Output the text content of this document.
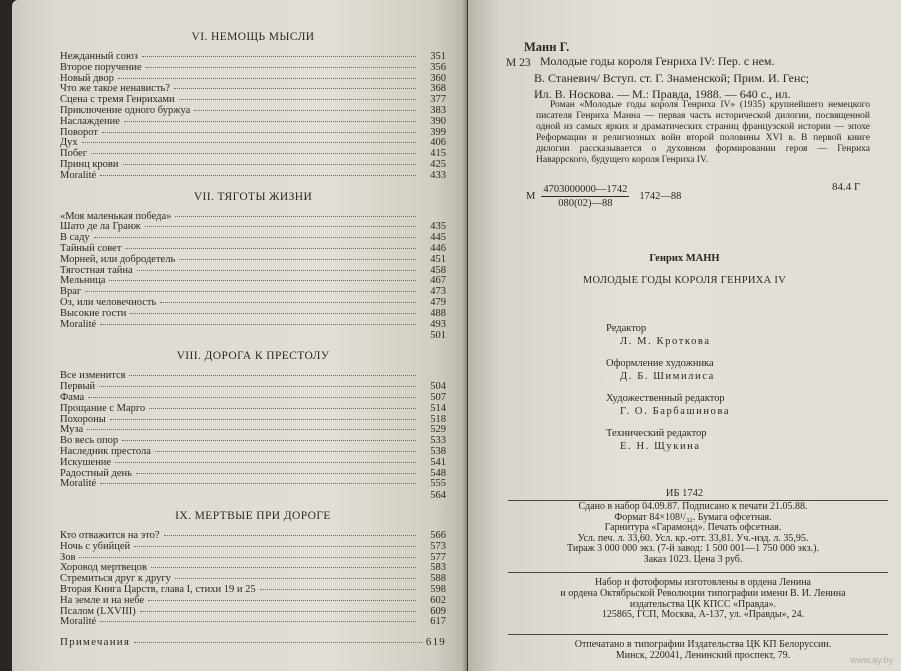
VI. НЕМОЩЬ МЫСЛИ
Нежданный союз	351
Второе поручение	356
Новый двор	360
Что же такое ненависть?	368
Сцена с тремя Генрихами	377
Приключение одного буржуа	383
Наслаждение	390
Поворот	399
Дух	406
Побег	415
Принц крови	425
Moralité	433
VII. ТЯГОТЫ ЖИЗНИ
«Моя маленькая победа»
Шато де ла Гранж	435
В саду	445
Тайный совет	446
Морней, или добродетель	451
Тягостная тайна	458
Мельница	467
Враг	473
Оз, или человечность	479
Высокие гости	488
Moralité	493
501
VIII. ДОРОГА К ПРЕСТОЛУ
Все изменится
Первый	504
Фама	507
Прощание с Марго	514
Похороны	518
Муза	529
Во весь опор	533
Наследник престола	538
Искушение	541
Радостный день	548
Moralité	555
564
IX. МЕРТВЫЕ ПРИ ДОРОГЕ
Кто отважится на это?	566
Ночь с убийцей	573
Зов	577
Хоровод мертвецов	583
Стремиться друг к другу	588
Вторая Книга Царств, глава I, стихи 19 и 25	598
На земле и на небе	602
Псалом (LXVIII)	609
Moralité	617
Примечания	619
Манн Г.
М 23 Молодые годы короля Генриха IV: Пер. с нем.
В. Станевич/ Вступ. ст. Г. Знаменской; Прим. И. Генс;
Ил. В. Носкова. — М.: Правда, 1988. — 640 с., ил.
Роман «Молодые годы короля Генриха IV» (1935) крупнейшего немецкого писателя Генриха Манна — первая часть исторической дилогии, посвященной одной из самых ярких и драматических страниц французской истории — эпохе Реформации и религиозных войн второй половины XVI в. В первой книге дилогии рассказывается о духовном формировании героя — Генриха Наваррского, будущего короля Генриха IV.
М $\frac{4703000000—1742}{080(02)—88}$ 1742—88
84.4 Г
Генрих МАНН
МОЛОДЫЕ ГОДЫ КОРОЛЯ ГЕНРИХА IV
Редактор
Л. М. Кроткова
Оформление художника
Д. Б. Шимилиса
Художественный редактор
Г. О. Барбашинова
Технический редактор
Е. Н. Щукина
ИБ 1742
Сдано в набор 04.09.87. Подписано к печати 21.05.88.
Формат 84×108¹/₃₂. Бумага офсетная.
Гарнитура «Гарамонд». Печать офсетная.
Усл. печ. л. 33,60. Усл. кр.-отт. 33,81. Уч.-изд. л. 35,95.
Тираж 3 000 000 экз. (7-й завод: 1 500 001—1 750 000 экз.).
Заказ 1023. Цена 3 руб.
Набор и фотоформы изготовлены в ордена Ленина
и ордена Октябрьской Революции типографии имени В. И. Ленина
издательства ЦК КПСС «Правда».
125865, ГСП, Москва, А-137, ул. «Правды», 24.
Отпечатано в типографии Издательства ЦК КП Белоруссии.
Минск, 220041, Ленинский проспект, 79.	www.ay.by
